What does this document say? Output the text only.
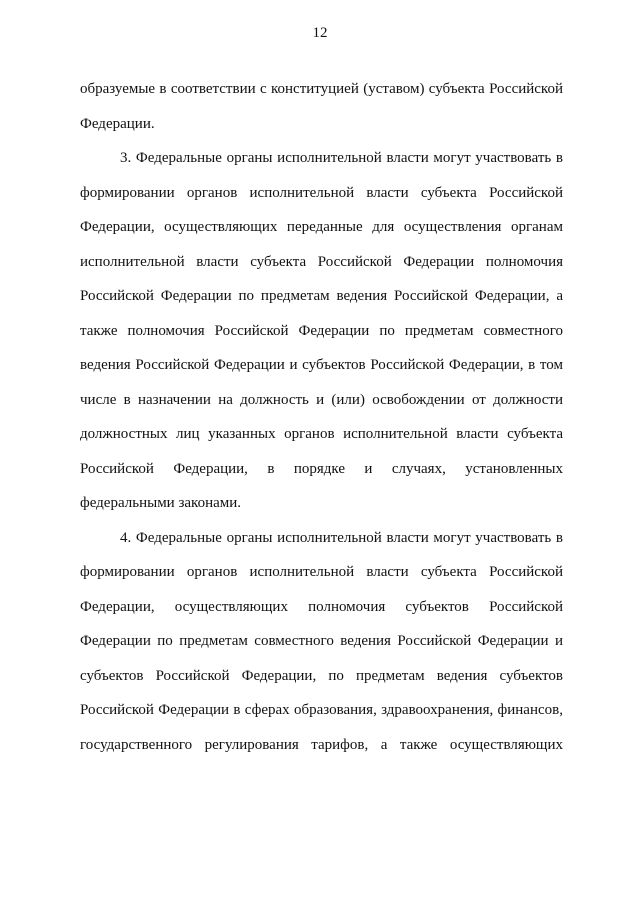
12
образуемые в соответствии с конституцией (уставом) субъекта Российской
Федерации.
3. Федеральные органы исполнительной власти могут участвовать в
формировании органов исполнительной власти субъекта Российской
Федерации, осуществляющих переданные для осуществления органам
исполнительной власти субъекта Российской Федерации полномочия
Российской Федерации по предметам ведения Российской Федерации, а
также полномочия Российской Федерации по предметам совместного
ведения Российской Федерации и субъектов Российской Федерации, в том
числе в назначении на должность и (или) освобождении от должности
должностных лиц указанных органов исполнительной власти субъекта
Российской Федерации, в порядке и случаях, установленных
федеральными законами.
4. Федеральные органы исполнительной власти могут участвовать в
формировании органов исполнительной власти субъекта Российской
Федерации, осуществляющих полномочия субъектов Российской
Федерации по предметам совместного ведения Российской Федерации и
субъектов Российской Федерации, по предметам ведения субъектов
Российской Федерации в сферах образования, здравоохранения, финансов,
государственного регулирования тарифов, а также осуществляющих
